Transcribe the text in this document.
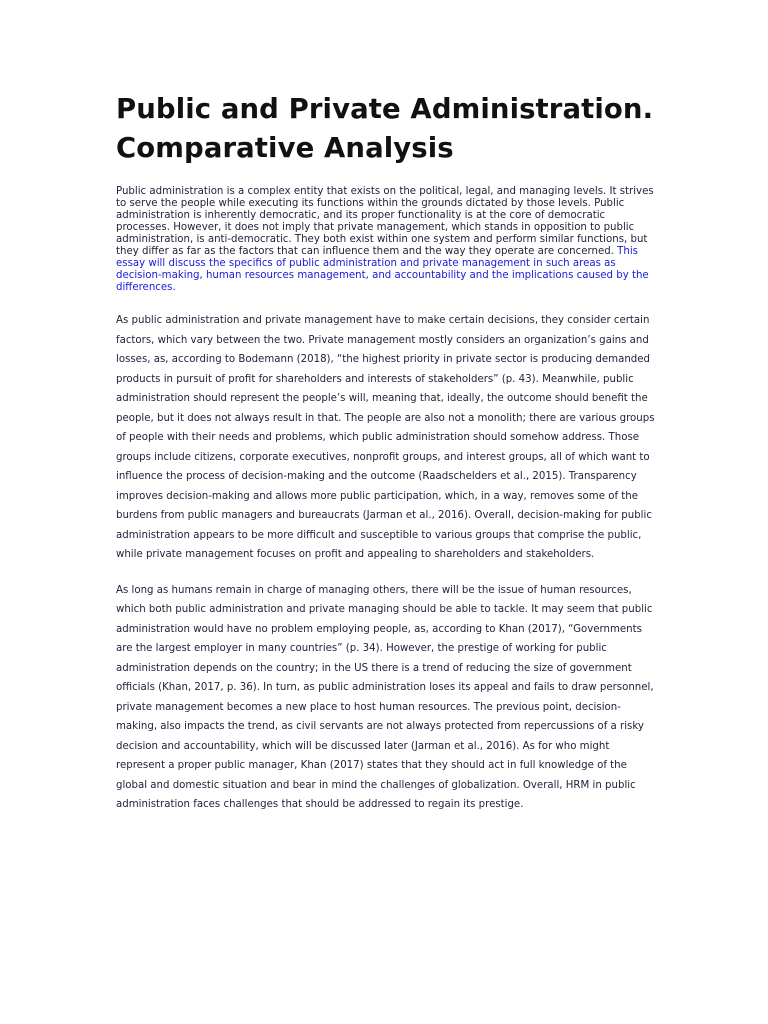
Public and Private Administration. Comparative Analysis

Public administration is a complex entity that exists on the political, legal, and managing levels. It strives to serve the people while executing its functions within the grounds dictated by those levels. Public administration is inherently democratic, and its proper functionality is at the core of democratic processes. However, it does not imply that private management, which stands in opposition to public administration, is anti-democratic. They both exist within one system and perform similar functions, but they differ as far as the factors that can influence them and the way they operate are concerned. This essay will discuss the specifics of public administration and private management in such areas as decision-making, human resources management, and accountability and the implications caused by the differences.

As public administration and private management have to make certain decisions, they consider certain factors, which vary between the two. Private management mostly considers an organization’s gains and losses, as, according to Bodemann (2018), “the highest priority in private sector is producing demanded products in pursuit of profit for shareholders and interests of stakeholders” (p. 43). Meanwhile, public administration should represent the people’s will, meaning that, ideally, the outcome should benefit the people, but it does not always result in that. The people are also not a monolith; there are various groups of people with their needs and problems, which public administration should somehow address. Those groups include citizens, corporate executives, nonprofit groups, and interest groups, all of which want to influence the process of decision-making and the outcome (Raadschelders et al., 2015). Transparency improves decision-making and allows more public participation, which, in a way, removes some of the burdens from public managers and bureaucrats (Jarman et al., 2016). Overall, decision-making for public administration appears to be more difficult and susceptible to various groups that comprise the public, while private management focuses on profit and appealing to shareholders and stakeholders.

As long as humans remain in charge of managing others, there will be the issue of human resources, which both public administration and private managing should be able to tackle. It may seem that public administration would have no problem employing people, as, according to Khan (2017), “Governments are the largest employer in many countries” (p. 34). However, the prestige of working for public administration depends on the country; in the US there is a trend of reducing the size of government officials (Khan, 2017, p. 36). In turn, as public administration loses its appeal and fails to draw personnel, private management becomes a new place to host human resources. The previous point, decision-making, also impacts the trend, as civil servants are not always protected from repercussions of a risky decision and accountability, which will be discussed later (Jarman et al., 2016). As for who might represent a proper public manager, Khan (2017) states that they should act in full knowledge of the global and domestic situation and bear in mind the challenges of globalization. Overall, HRM in public administration faces challenges that should be addressed to regain its prestige.
